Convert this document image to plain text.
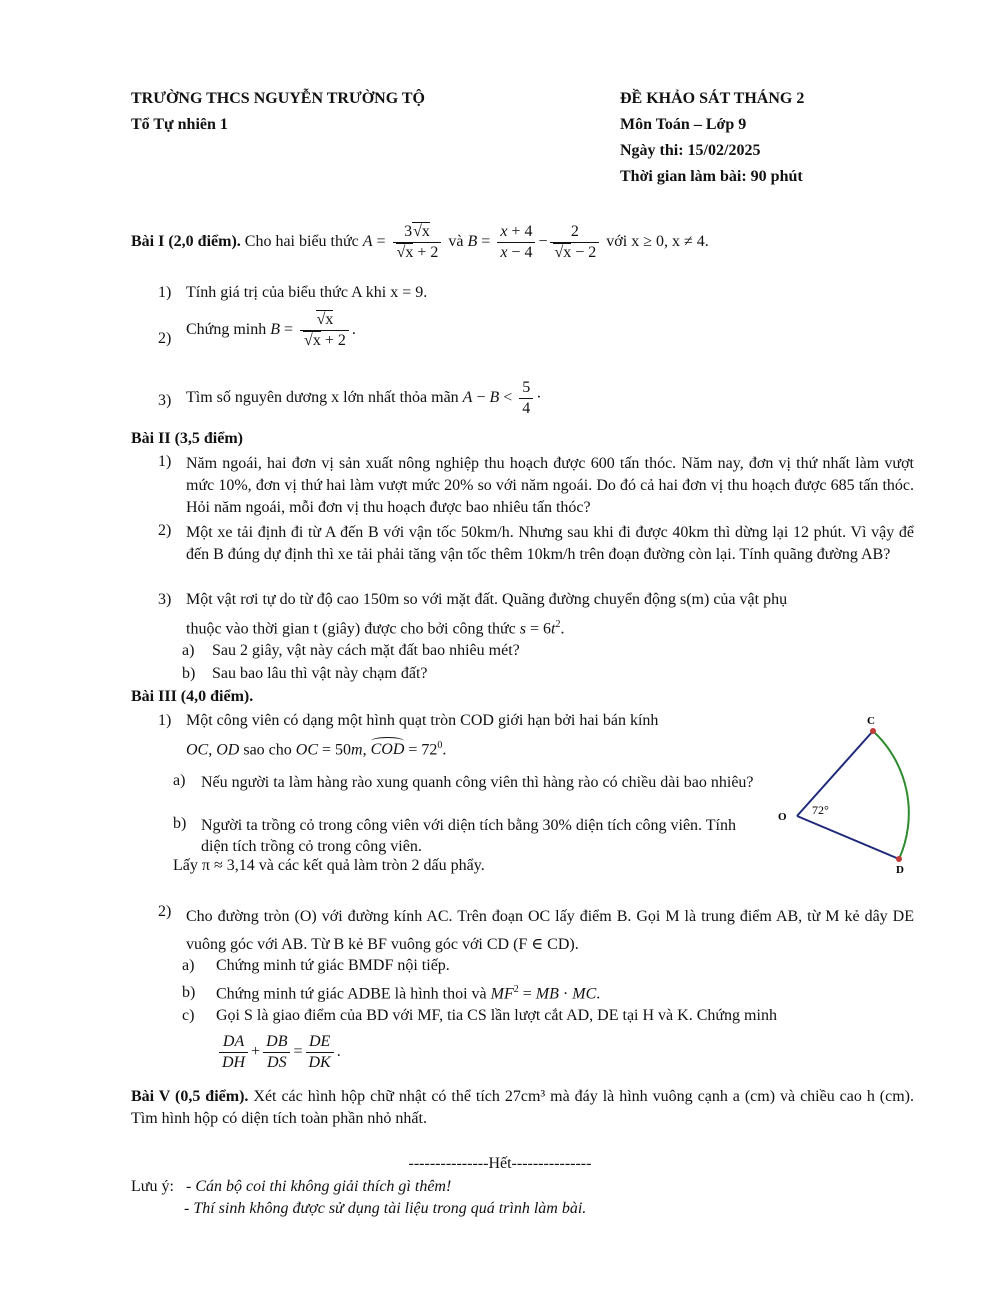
TRƯỜNG THCS NGUYỄN TRƯỜNG TỘ
Tổ Tự nhiên 1
ĐỀ KHẢO SÁT THÁNG 2
Môn Toán – Lớp 9
Ngày thi: 15/02/2025
Thời gian làm bài: 90 phút
Bài I (2,0 điểm). Cho hai biểu thức $A = \frac{3√x}{√x + 2}$ và $B = \frac{x + 4}{x - 4} - \frac{2}{√x - 2}$ với x ≥ 0, x ≠ 4.
1) Tính giá trị của biểu thức A khi x = 9.
2)
Chứng minh $B = \frac{√x}{√x + 2}$ .
3) Tìm số nguyên dương x lớn nhất thỏa mãn $A - B < \frac{5}{4}$ ·
Bài II (3,5 điểm)
1) Năm ngoái, hai đơn vị sản xuất nông nghiệp thu hoạch được 600 tấn thóc. Năm nay, đơn vị thứ nhất làm vượt mức 10%, đơn vị thứ hai làm vượt mức 20% so với năm ngoái. Do đó cả hai đơn vị thu hoạch được 685 tấn thóc. Hỏi năm ngoái, mỗi đơn vị thu hoạch được bao nhiêu tấn thóc?
2) Một xe tải định đi từ A đến B với vận tốc 50km/h. Nhưng sau khi đi được 40km thì dừng lại 12 phút. Vì vậy để đến B đúng dự định thì xe tải phải tăng vận tốc thêm 10km/h trên đoạn đường còn lại. Tính quãng đường AB?
3) Một vật rơi tự do từ độ cao 150m so với mặt đất. Quãng đường chuyển động s(m) của vật phụ
thuộc vào thời gian t (giây) được cho bởi công thức $s = 6t^2$.
a) Sau 2 giây, vật này cách mặt đất bao nhiêu mét?
b) Sau bao lâu thì vật này chạm đất?
Bài III (4,0 điểm).
1) Một công viên có dạng một hình quạt tròn COD giới hạn bởi hai bán kính
OC, OD sao cho OC = 50m, COD = $72^0$.
a) Nếu người ta làm hàng rào xung quanh công viên thì hàng rào có chiều dài bao nhiêu?
b) Người ta trồng cỏ trong công viên với diện tích bằng 30% diện tích công viên. Tính diện tích trồng cỏ trong công viên.
Lấy π ≈ 3,14 và các kết quả làm tròn 2 dấu phẩy.
C
O
D
72°
2) Cho đường tròn (O) với đường kính AC. Trên đoạn OC lấy điểm B. Gọi M là trung điểm AB, từ M kẻ dây DE vuông góc với AB. Từ B kẻ BF vuông góc với CD (F ∈ CD).
a) Chứng minh tứ giác BMDF nội tiếp.
b) Chứng minh tứ giác ADBE là hình thoi và $MF^2$ = MB · MC.
c) Gọi S là giao điểm của BD với MF, tia CS lần lượt cắt AD, DE tại H và K. Chứng minh
$\frac{DA}{DH} + \frac{DB}{DS} = \frac{DE}{DK}$ .
Bài V (0,5 điểm). Xét các hình hộp chữ nhật có thể tích 27cm³ mà đáy là hình vuông cạnh a (cm) và chiều cao h (cm). Tìm hình hộp có diện tích toàn phần nhỏ nhất.
---------------Hết---------------
Lưu ý: - Cán bộ coi thi không giải thích gì thêm!
- Thí sinh không được sử dụng tài liệu trong quá trình làm bài.
